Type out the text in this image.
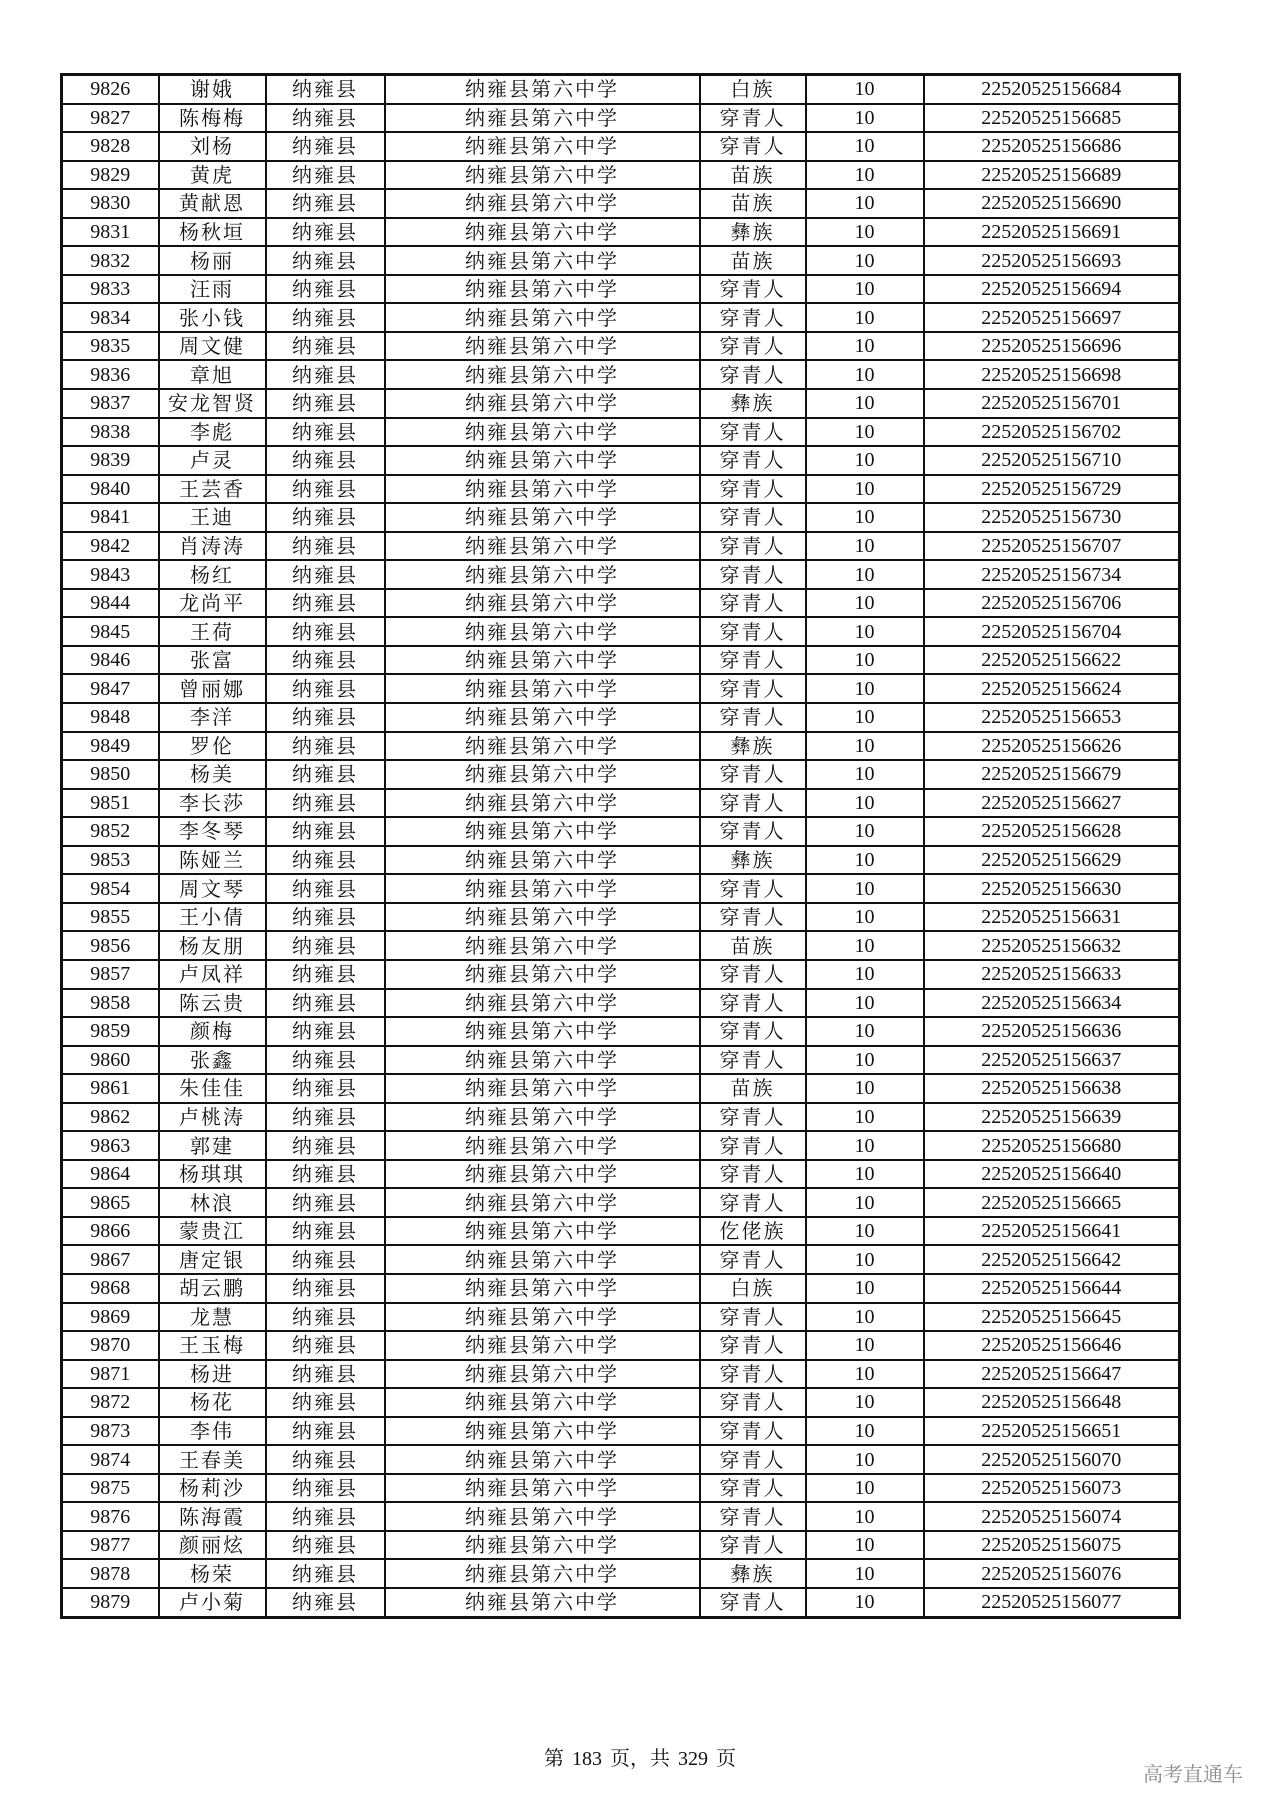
9826	谢娥	纳雍县	纳雍县第六中学	白族	10	22520525156684
9827	陈梅梅	纳雍县	纳雍县第六中学	穿青人	10	22520525156685
9828	刘杨	纳雍县	纳雍县第六中学	穿青人	10	22520525156686
9829	黄虎	纳雍县	纳雍县第六中学	苗族	10	22520525156689
9830	黄献恩	纳雍县	纳雍县第六中学	苗族	10	22520525156690
9831	杨秋垣	纳雍县	纳雍县第六中学	彝族	10	22520525156691
9832	杨丽	纳雍县	纳雍县第六中学	苗族	10	22520525156693
9833	汪雨	纳雍县	纳雍县第六中学	穿青人	10	22520525156694
9834	张小钱	纳雍县	纳雍县第六中学	穿青人	10	22520525156697
9835	周文健	纳雍县	纳雍县第六中学	穿青人	10	22520525156696
9836	章旭	纳雍县	纳雍县第六中学	穿青人	10	22520525156698
9837	安龙智贤	纳雍县	纳雍县第六中学	彝族	10	22520525156701
9838	李彪	纳雍县	纳雍县第六中学	穿青人	10	22520525156702
9839	卢灵	纳雍县	纳雍县第六中学	穿青人	10	22520525156710
9840	王芸香	纳雍县	纳雍县第六中学	穿青人	10	22520525156729
9841	王迪	纳雍县	纳雍县第六中学	穿青人	10	22520525156730
9842	肖涛涛	纳雍县	纳雍县第六中学	穿青人	10	22520525156707
9843	杨红	纳雍县	纳雍县第六中学	穿青人	10	22520525156734
9844	龙尚平	纳雍县	纳雍县第六中学	穿青人	10	22520525156706
9845	王荷	纳雍县	纳雍县第六中学	穿青人	10	22520525156704
9846	张富	纳雍县	纳雍县第六中学	穿青人	10	22520525156622
9847	曾丽娜	纳雍县	纳雍县第六中学	穿青人	10	22520525156624
9848	李洋	纳雍县	纳雍县第六中学	穿青人	10	22520525156653
9849	罗伦	纳雍县	纳雍县第六中学	彝族	10	22520525156626
9850	杨美	纳雍县	纳雍县第六中学	穿青人	10	22520525156679
9851	李长莎	纳雍县	纳雍县第六中学	穿青人	10	22520525156627
9852	李冬琴	纳雍县	纳雍县第六中学	穿青人	10	22520525156628
9853	陈娅兰	纳雍县	纳雍县第六中学	彝族	10	22520525156629
9854	周文琴	纳雍县	纳雍县第六中学	穿青人	10	22520525156630
9855	王小倩	纳雍县	纳雍县第六中学	穿青人	10	22520525156631
9856	杨友朋	纳雍县	纳雍县第六中学	苗族	10	22520525156632
9857	卢凤祥	纳雍县	纳雍县第六中学	穿青人	10	22520525156633
9858	陈云贵	纳雍县	纳雍县第六中学	穿青人	10	22520525156634
9859	颜梅	纳雍县	纳雍县第六中学	穿青人	10	22520525156636
9860	张鑫	纳雍县	纳雍县第六中学	穿青人	10	22520525156637
9861	朱佳佳	纳雍县	纳雍县第六中学	苗族	10	22520525156638
9862	卢桃涛	纳雍县	纳雍县第六中学	穿青人	10	22520525156639
9863	郭建	纳雍县	纳雍县第六中学	穿青人	10	22520525156680
9864	杨琪琪	纳雍县	纳雍县第六中学	穿青人	10	22520525156640
9865	林浪	纳雍县	纳雍县第六中学	穿青人	10	22520525156665
9866	蒙贵江	纳雍县	纳雍县第六中学	仡佬族	10	22520525156641
9867	唐定银	纳雍县	纳雍县第六中学	穿青人	10	22520525156642
9868	胡云鹏	纳雍县	纳雍县第六中学	白族	10	22520525156644
9869	龙慧	纳雍县	纳雍县第六中学	穿青人	10	22520525156645
9870	王玉梅	纳雍县	纳雍县第六中学	穿青人	10	22520525156646
9871	杨进	纳雍县	纳雍县第六中学	穿青人	10	22520525156647
9872	杨花	纳雍县	纳雍县第六中学	穿青人	10	22520525156648
9873	李伟	纳雍县	纳雍县第六中学	穿青人	10	22520525156651
9874	王春美	纳雍县	纳雍县第六中学	穿青人	10	22520525156070
9875	杨莉沙	纳雍县	纳雍县第六中学	穿青人	10	22520525156073
9876	陈海霞	纳雍县	纳雍县第六中学	穿青人	10	22520525156074
9877	颜丽炫	纳雍县	纳雍县第六中学	穿青人	10	22520525156075
9878	杨荣	纳雍县	纳雍县第六中学	彝族	10	22520525156076
9879	卢小菊	纳雍县	纳雍县第六中学	穿青人	10	22520525156077
第 183 页，共 329 页
高考直通车
